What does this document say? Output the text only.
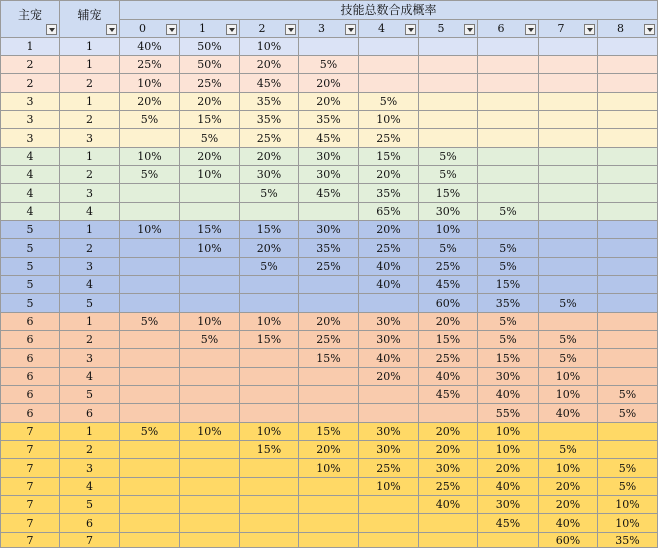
主宠	辅宠	技能总数合成概率								
		0	1	2	3	4	5	6	7	8

1	1	40%	50%	10%						
2	1	25%	50%	20%	5%					
2	2	10%	25%	45%	20%					
3	1	20%	20%	35%	20%	5%				
3	2	5%	15%	35%	35%	10%				
3	3		5%	25%	45%	25%				
4	1	10%	20%	20%	30%	15%	5%			
4	2	5%	10%	30%	30%	20%	5%			
4	3			5%	45%	35%	15%			
4	4					65%	30%	5%		
5	1	10%	15%	15%	30%	20%	10%			
5	2		10%	20%	35%	25%	5%	5%		
5	3			5%	25%	40%	25%	5%		
5	4					40%	45%	15%		
5	5						60%	35%	5%	
6	1	5%	10%	10%	20%	30%	20%	5%		
6	2		5%	15%	25%	30%	15%	5%	5%	
6	3				15%	40%	25%	15%	5%	
6	4					20%	40%	30%	10%	
6	5						45%	40%	10%	5%
6	6							55%	40%	5%
7	1	5%	10%	10%	15%	30%	20%	10%		
7	2			15%	20%	30%	20%	10%	5%	
7	3				10%	25%	30%	20%	10%	5%
7	4					10%	25%	40%	20%	5%
7	5						40%	30%	20%	10%
7	6							45%	40%	10%
7	7								60%	35%
